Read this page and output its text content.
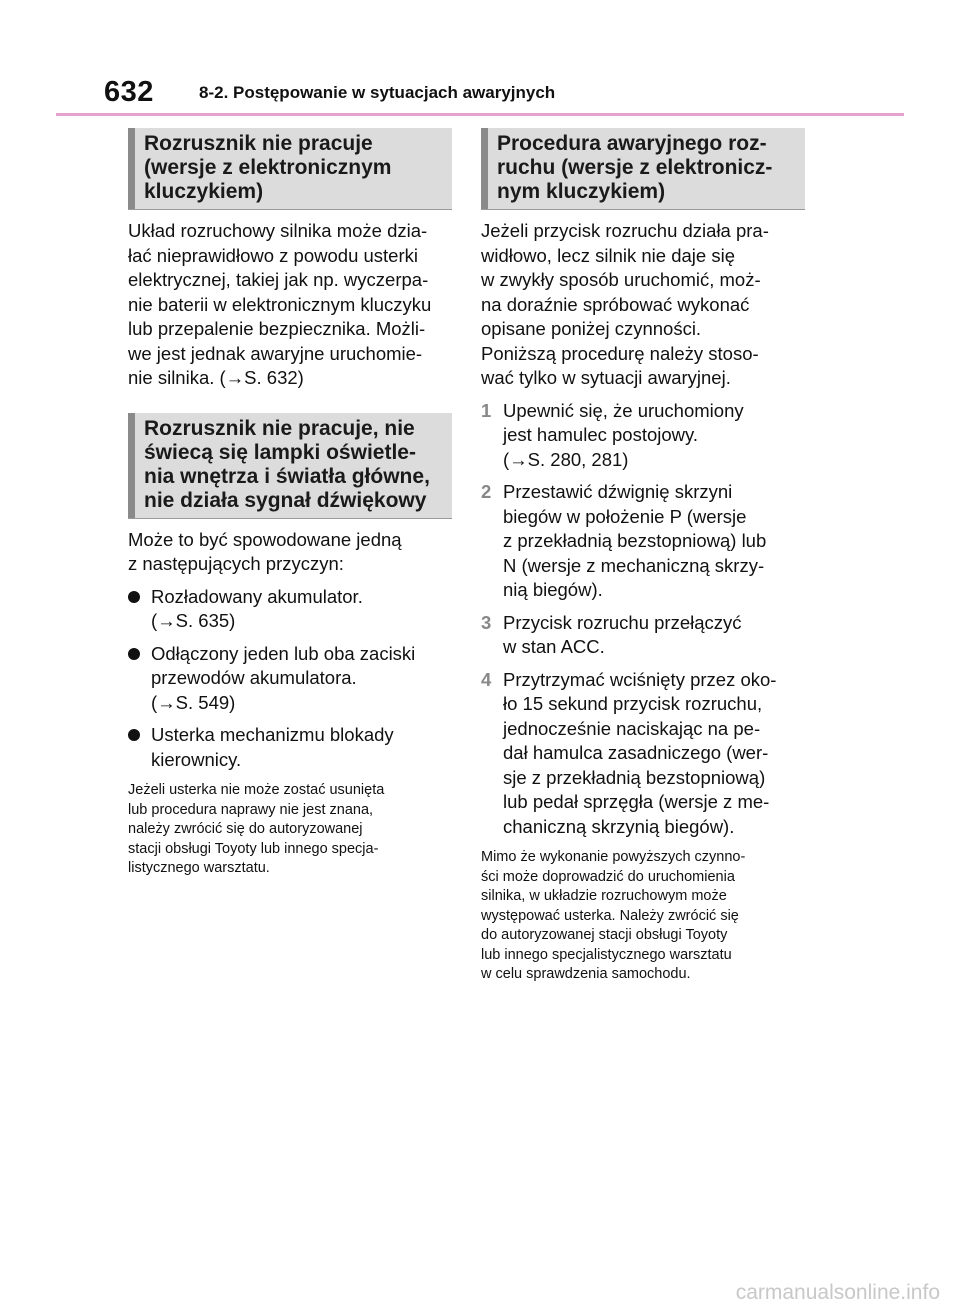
632	8-2. Postępowanie w sytuacjach awaryjnych
Rozrusznik nie pracuje
(wersje z elektronicznym
kluczykiem)
Układ rozruchowy silnika może dzia-
łać nieprawidłowo z powodu usterki
elektrycznej, takiej jak np. wyczerpa-
nie baterii w elektronicznym kluczyku
lub przepalenie bezpiecznika. Możli-
we jest jednak awaryjne uruchomie-
nie silnika. (→S. 632)
Rozrusznik nie pracuje, nie
świecą się lampki oświetle-
nia wnętrza i światła główne,
nie działa sygnał dźwiękowy
Może to być spowodowane jedną
z następujących przyczyn:
Rozładowany akumulator.
(→S. 635)
Odłączony jeden lub oba zaciski
przewodów akumulatora.
(→S. 549)
Usterka mechanizmu blokady
kierownicy.
Jeżeli usterka nie może zostać usunięta
lub procedura naprawy nie jest znana,
należy zwrócić się do autoryzowanej
stacji obsługi Toyoty lub innego specja-
listycznego warsztatu.
Procedura awaryjnego roz-
ruchu (wersje z elektronicz-
nym kluczykiem)
Jeżeli przycisk rozruchu działa pra-
widłowo, lecz silnik nie daje się
w zwykły sposób uruchomić, moż-
na doraźnie spróbować wykonać
opisane poniżej czynności.
Poniższą procedurę należy stoso-
wać tylko w sytuacji awaryjnej.
1 Upewnić się, że uruchomiony
jest hamulec postojowy.
(→S. 280, 281)
2 Przestawić dźwignię skrzyni
biegów w położenie P (wersje
z przekładnią bezstopniową) lub
N (wersje z mechaniczną skrzy-
nią biegów).
3 Przycisk rozruchu przełączyć
w stan ACC.
4 Przytrzymać wciśnięty przez oko-
ło 15 sekund przycisk rozruchu,
jednocześnie naciskając na pe-
dał hamulca zasadniczego (wer-
sje z przekładnią bezstopniową)
lub pedał sprzęgła (wersje z me-
chaniczną skrzynią biegów).
Mimo że wykonanie powyższych czynno-
ści może doprowadzić do uruchomienia
silnika, w układzie rozruchowym może
występować usterka. Należy zwrócić się
do autoryzowanej stacji obsługi Toyoty
lub innego specjalistycznego warsztatu
w celu sprawdzenia samochodu.
carmanualsonline.info
